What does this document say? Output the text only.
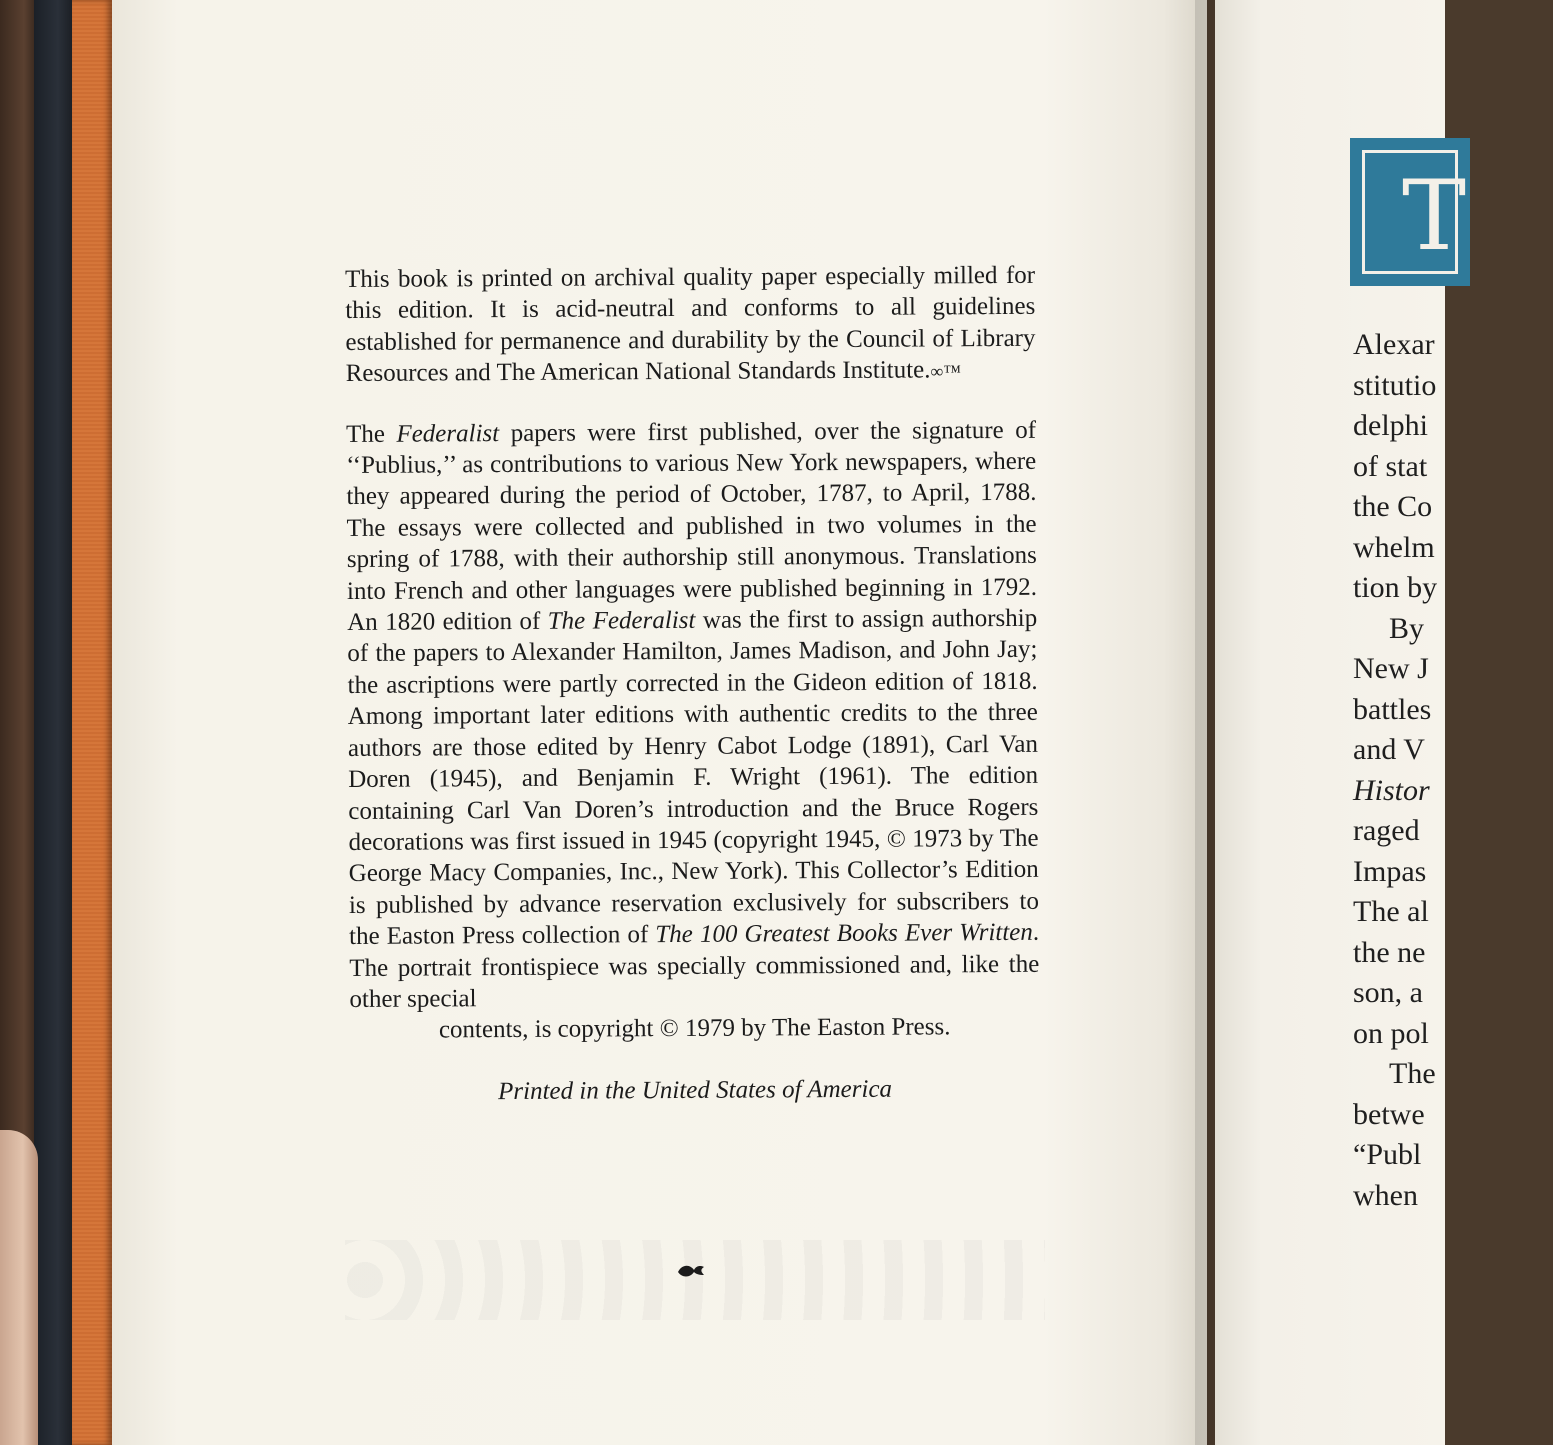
This book is printed on archival quality paper especially milled for this edition. It is acid-neutral and conforms to all guidelines established for permanence and durability by the Council of Library Resources and The American National Standards Institute.∞™

The Federalist papers were first published, over the signature of ‘‘Publius,’’ as contributions to various New York newspapers, where they appeared during the period of October, 1787, to April, 1788. The essays were collected and published in two volumes in the spring of 1788, with their authorship still anonymous. Translations into French and other languages were published beginning in 1792. An 1820 edition of The Federalist was the first to assign authorship of the papers to Alexander Hamilton, James Madison, and John Jay; the ascriptions were partly corrected in the Gideon edition of 1818. Among important later editions with authentic credits to the three authors are those edited by Henry Cabot Lodge (1891), Carl Van Doren (1945), and Benjamin F. Wright (1961). The edition containing Carl Van Doren’s introduction and the Bruce Rogers decorations was first issued in 1945 (copyright 1945, © 1973 by The George Macy Companies, Inc., New York). This Collector’s Edition is published by advance reservation exclusively for subscribers to the Easton Press collection of The 100 Greatest Books Ever Written. The portrait frontispiece was specially commissioned and, like the other special
contents, is copyright © 1979 by The Easton Press.

Printed in the United States of America
T
Alexar
stitutio
delphi
of stat
the Co
whelm
tion by
By
New J
battles
and V
Histor
raged
Impas
The al
the ne
son, a
on pol
The
betwe
“Publ
when
